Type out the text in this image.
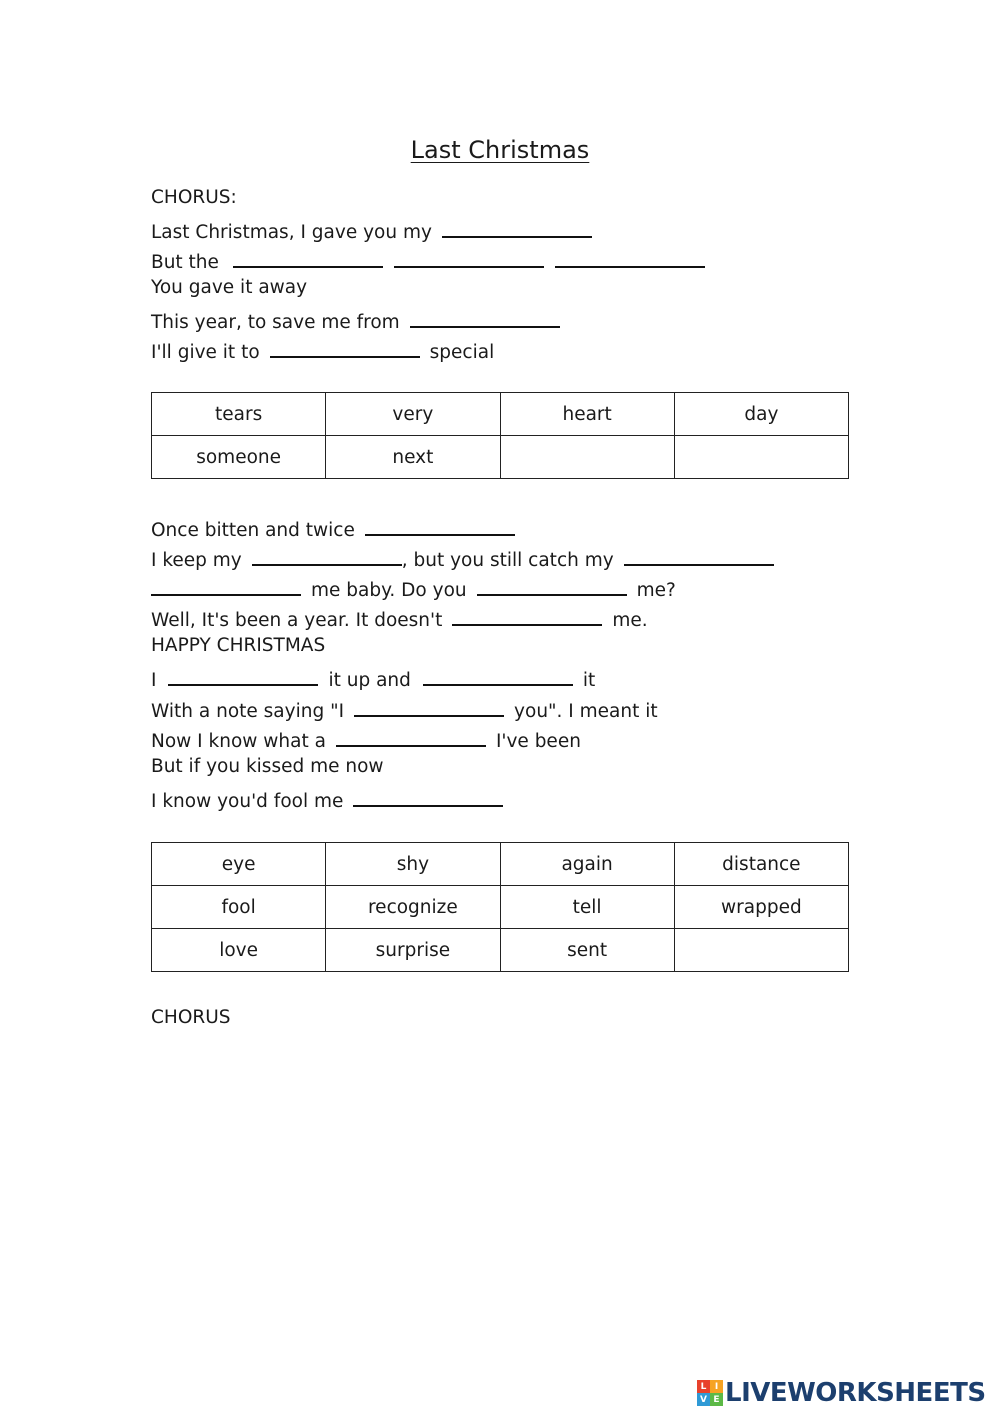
Last Christmas
CHORUS:
Last Christmas, I gave you my
But the
You gave it away
This year, to save me from
I'll give it to	special
tears	very	heart	day
someone	next		
Once bitten and twice
I keep my	, but you still catch my
me baby. Do you	me?
Well, It's been a year. It doesn't	me.
HAPPY CHRISTMAS
I	it up and	it
With a note saying "I	you". I meant it
Now I know what a	I've been
But if you kissed me now
I know you'd fool me
eye	shy	again	distance
fool	recognize	tell	wrapped
love	surprise	sent	
CHORUS
L I
V E LIVEWORKSHEETS
